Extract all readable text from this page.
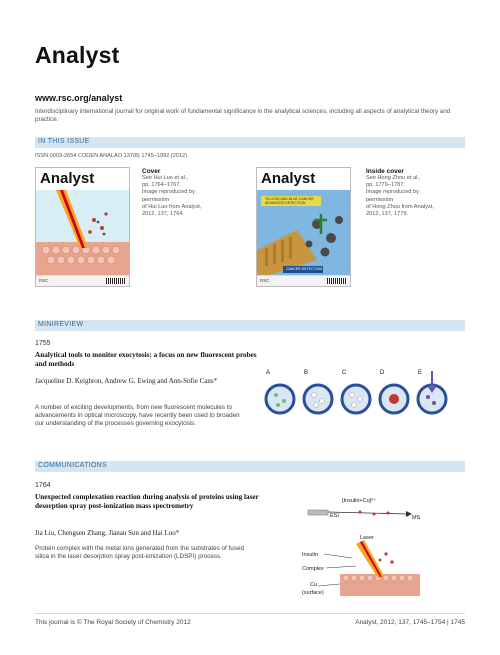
Analyst
www.rsc.org/analyst
Interdisciplinary international journal for original work of fundamental significance in the analytical sciences, including all aspects of analytical theory and practice.
IN THIS ISSUE
ISSN 0003-2654 CODEN ANALAO 137(8) 1745–1992 (2012)
Analyst
RSC
Cover
See Hui Luo et al.,
pp. 1764–1767.
Image reproduced by permission
of Hui Luo from Analyst,
2012, 137, 1764.
Analyst
YELLOW AND BLUE CANCER ADVANCED DETECTION
CANCER DETECTION
RSC
Inside cover
See Hong Zhou et al.,
pp. 1779–1787.
Image reproduced by permission
of Hong Zhou from Analyst,
2012, 137, 1779.
MINIREVIEW
1755
Analytical tools to monitor exocytosis: a focus on new fluorescent probes and methods
Jacqueline D. Keighron, Andrew G. Ewing and Ann-Sofie Cans*
A number of exciting developments, from new fluorescent molecules to advancements in optical microscopy, have recently been used to broaden our understanding of the processes governing exocytosis.
A	B	C	D	E
COMMUNICATIONS
1764
Unexpected complexation reaction during analysis of proteins using laser desorption spray post-ionization mass spectrometry
Jia Liu, Chengsen Zhang, Jianan Sun and Hai Luo*
Protein complex with the metal ions generated from the substrates of fused silica in the laser desorption spray post-ionization (LDSPI) process.
[Insulin+Cu]ⁿ⁺
ESI	MS
Laser
Insulin
Complex
Cu
(surface)
This journal is © The Royal Society of Chemistry 2012	Analyst, 2012, 137, 1745–1754 | 1745
